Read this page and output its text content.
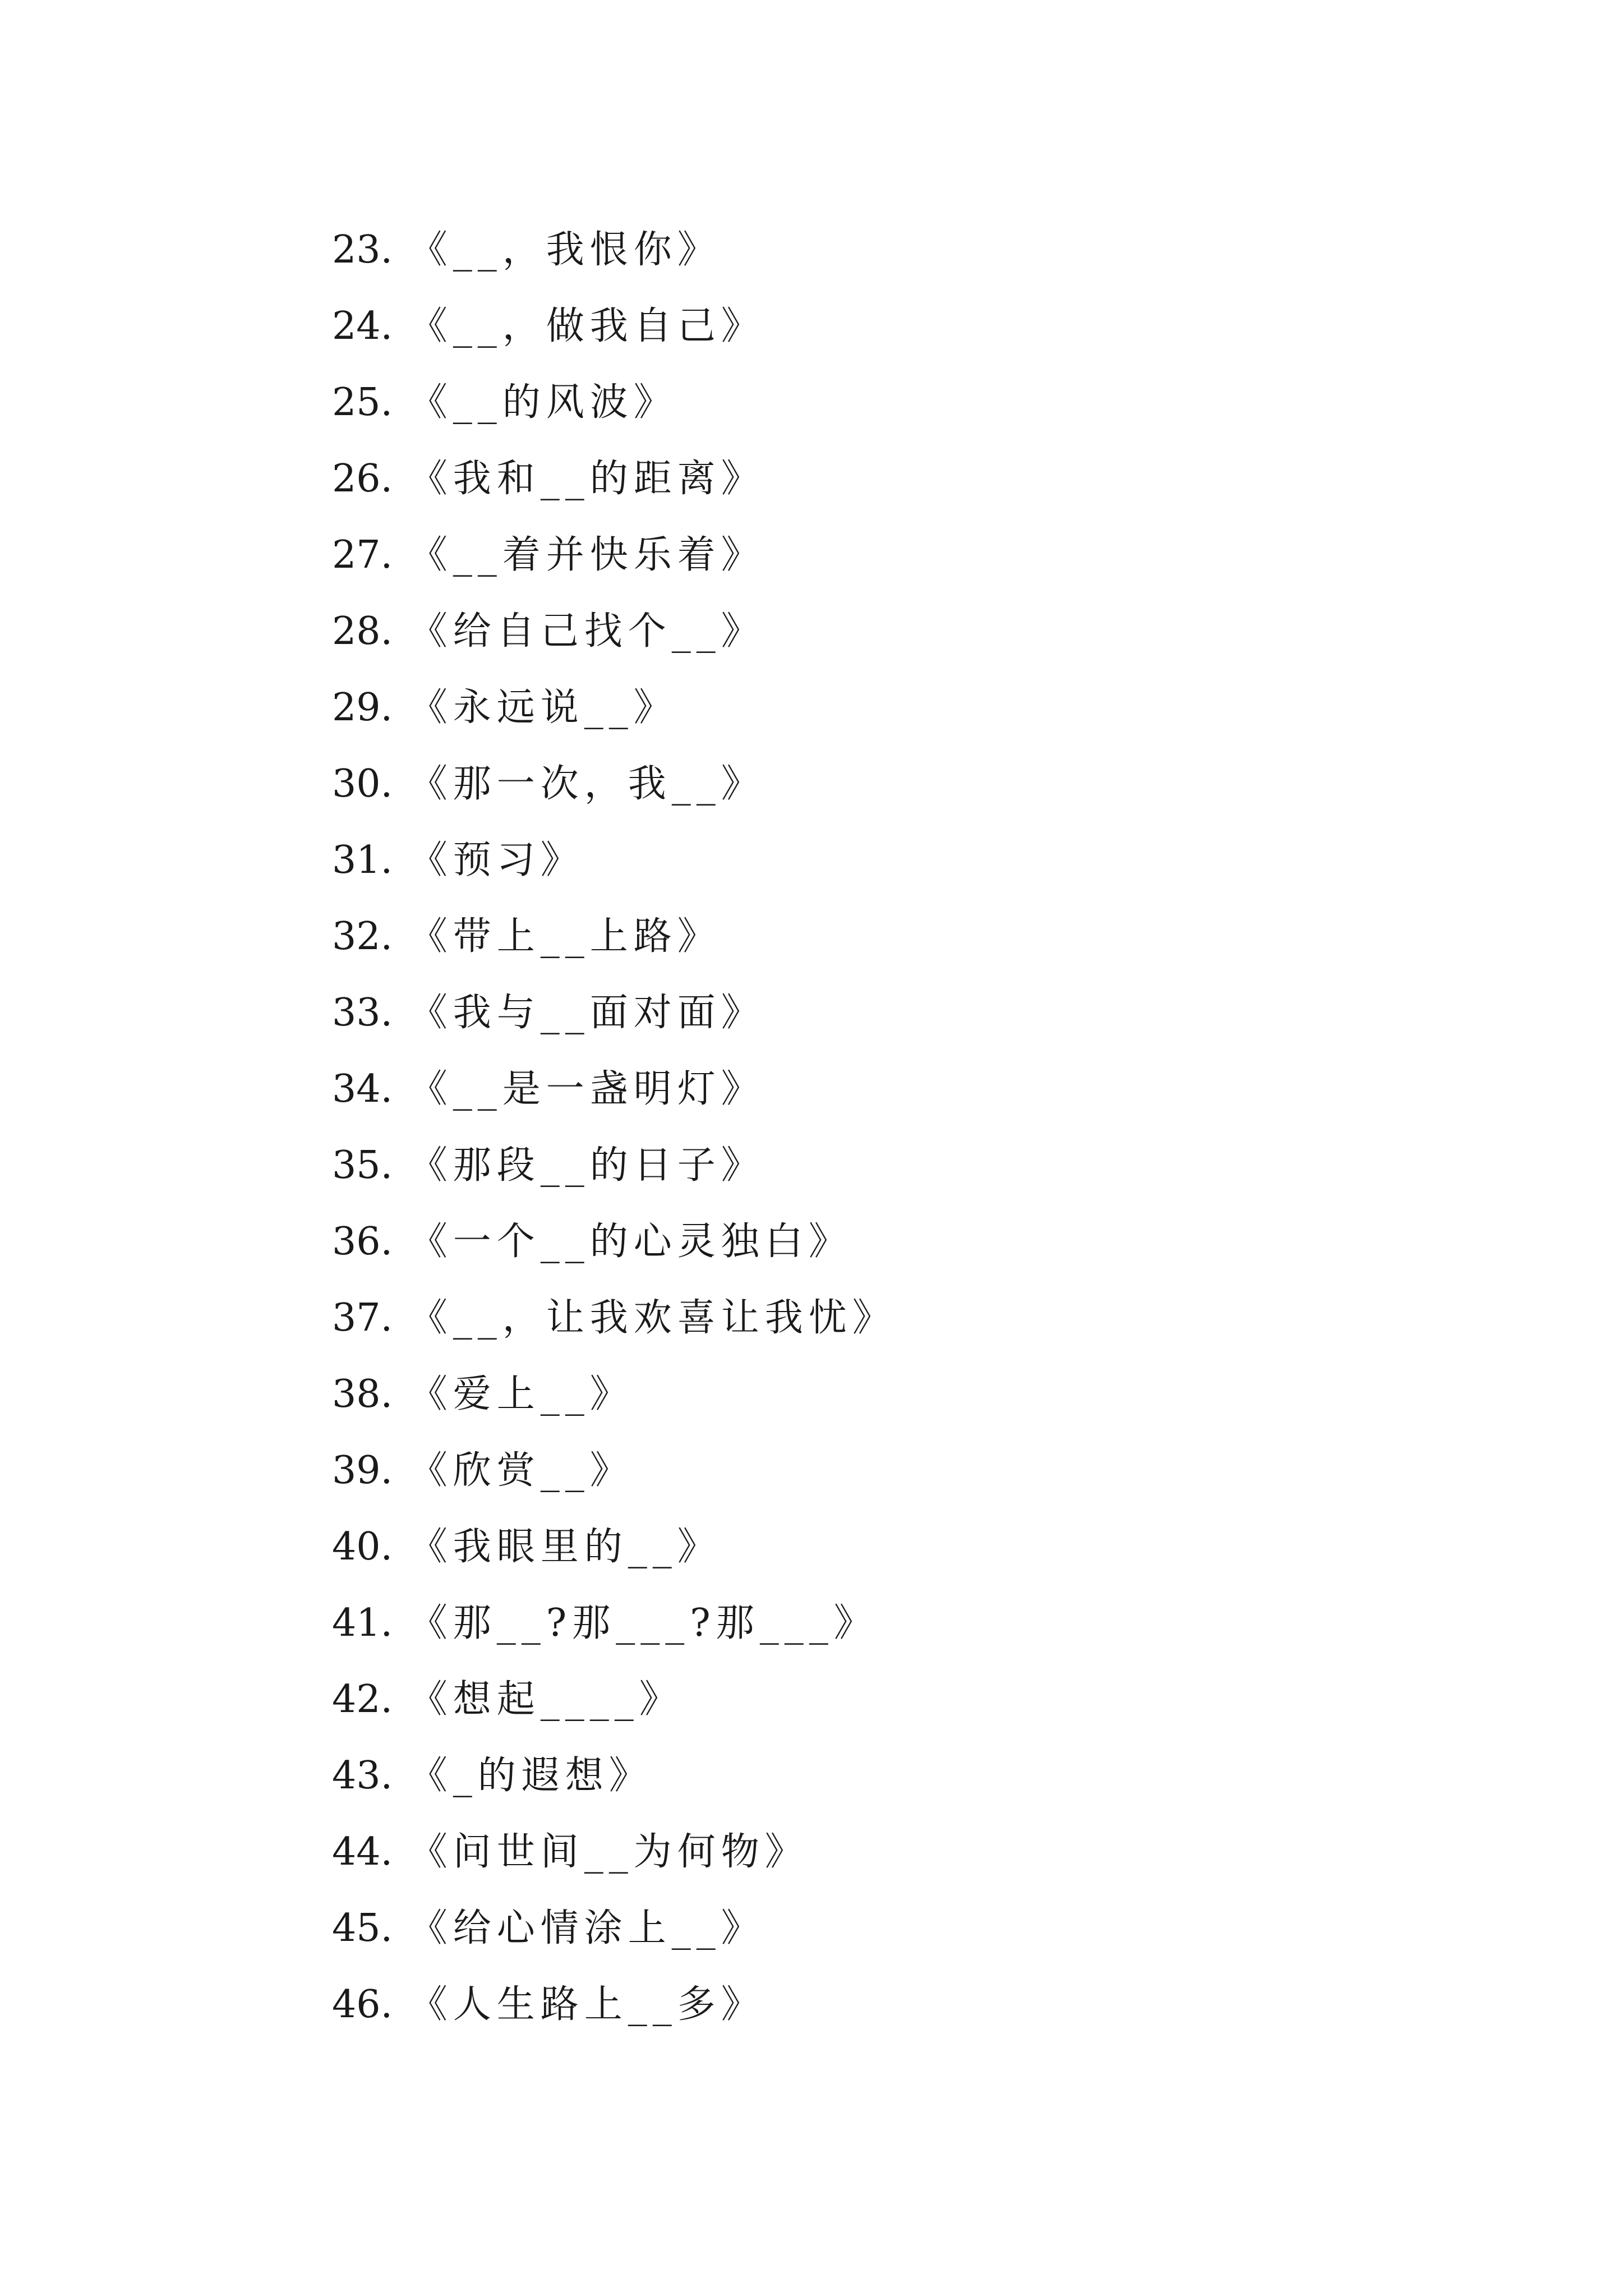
23. 《__，我恨你》
24. 《__，做我自己》
25. 《__的风波》
26. 《我和__的距离》
27. 《__着并快乐着》
28. 《给自己找个__》
29. 《永远说__》
30. 《那一次，我__》
31. 《预习》
32. 《带上__上路》
33. 《我与__面对面》
34. 《__是一盏明灯》
35. 《那段__的日子》
36. 《一个__的心灵独白》
37. 《__，让我欢喜让我忧》
38. 《爱上__》
39. 《欣赏__》
40. 《我眼里的__》
41. 《那__?那___?那___》
42. 《想起____》
43. 《_的遐想》
44. 《问世间__为何物》
45. 《给心情涂上__》
46. 《人生路上__多》
